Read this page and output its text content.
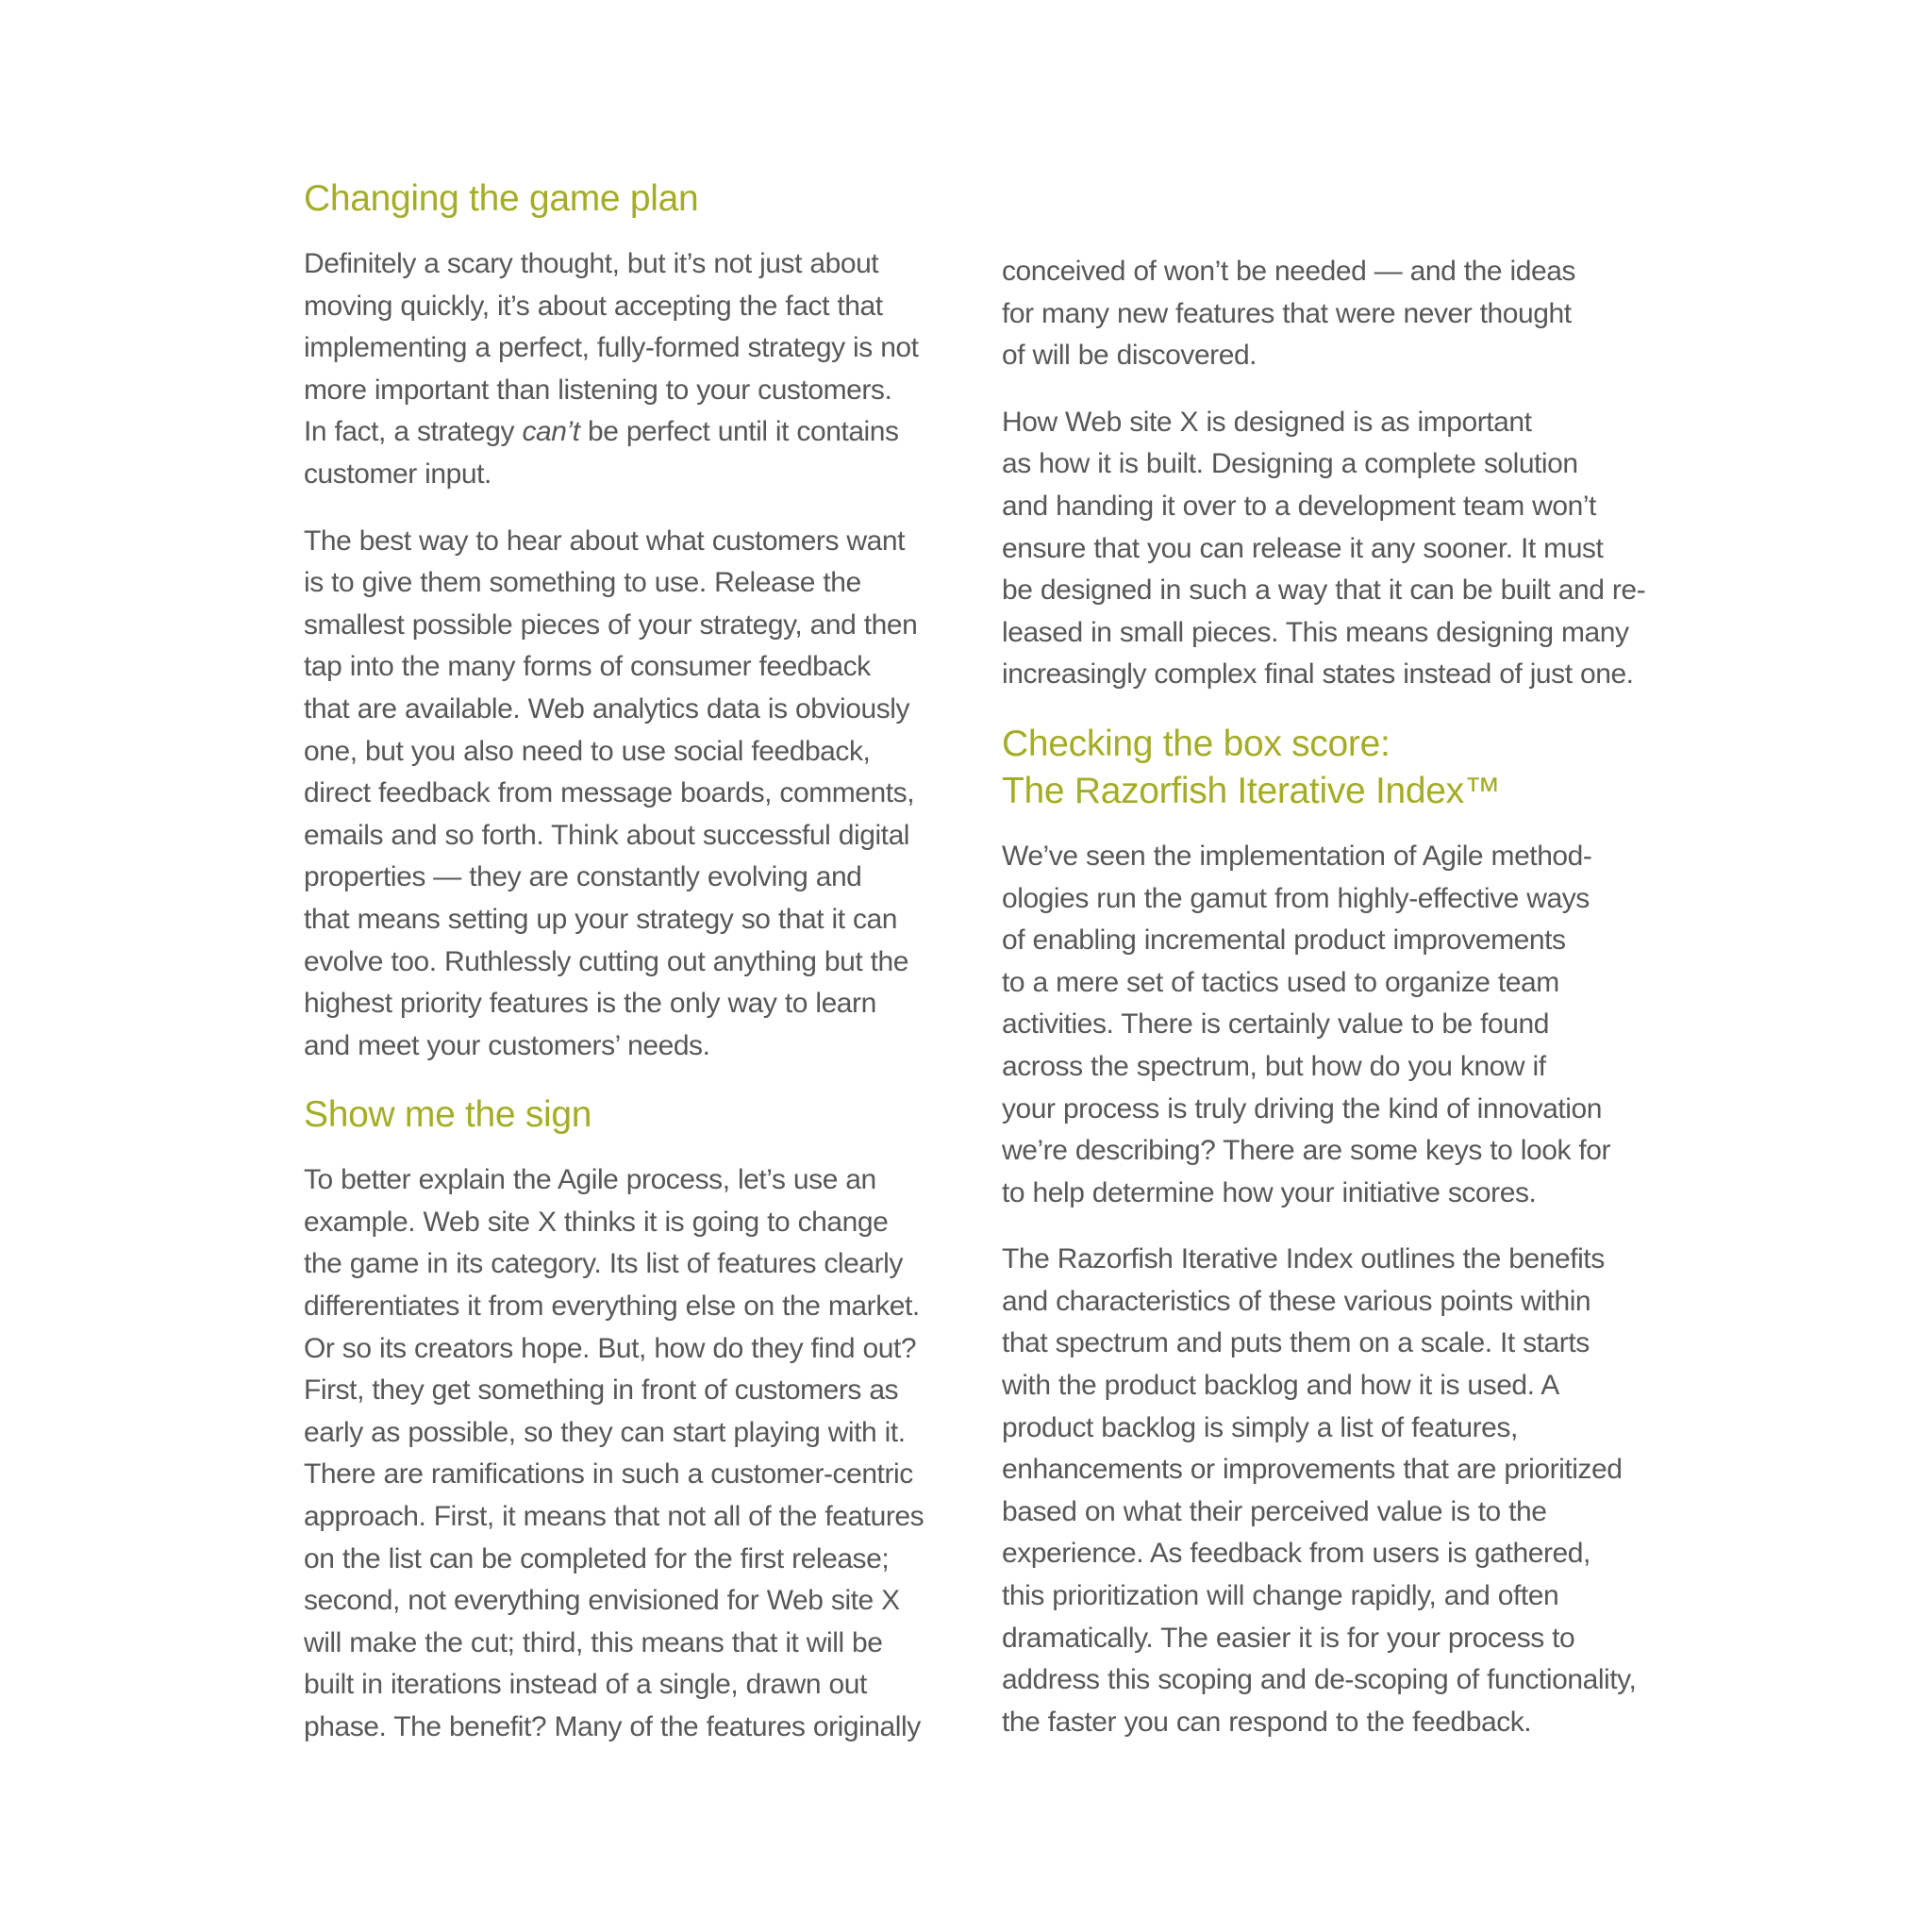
Changing the game plan

Definitely a scary thought, but it’s not just about
moving quickly, it’s about accepting the fact that
implementing a perfect, fully-formed strategy is not
more important than listening to your customers.
In fact, a strategy can’t be perfect until it contains
customer input.

The best way to hear about what customers want
is to give them something to use. Release the
smallest possible pieces of your strategy, and then
tap into the many forms of consumer feedback
that are available. Web analytics data is obviously
one, but you also need to use social feedback,
direct feedback from message boards, comments,
emails and so forth. Think about successful digital
properties — they are constantly evolving and
that means setting up your strategy so that it can
evolve too. Ruthlessly cutting out anything but the
highest priority features is the only way to learn
and meet your customers’ needs.

Show me the sign

To better explain the Agile process, let’s use an
example. Web site X thinks it is going to change
the game in its category. Its list of features clearly
differentiates it from everything else on the market.
Or so its creators hope. But, how do they find out?
First, they get something in front of customers as
early as possible, so they can start playing with it.
There are ramifications in such a customer-centric
approach. First, it means that not all of the features
on the list can be completed for the first release;
second, not everything envisioned for Web site X
will make the cut; third, this means that it will be
built in iterations instead of a single, drawn out
phase. The benefit? Many of the features originally

conceived of won’t be needed — and the ideas
for many new features that were never thought
of will be discovered.

How Web site X is designed is as important
as how it is built. Designing a complete solution
and handing it over to a development team won’t
ensure that you can release it any sooner. It must
be designed in such a way that it can be built and re-
leased in small pieces. This means designing many
increasingly complex final states instead of just one.

Checking the box score:
The Razorfish Iterative Index™

We’ve seen the implementation of Agile method-
ologies run the gamut from highly-effective ways
of enabling incremental product improvements
to a mere set of tactics used to organize team
activities. There is certainly value to be found
across the spectrum, but how do you know if
your process is truly driving the kind of innovation
we’re describing? There are some keys to look for
to help determine how your initiative scores.

The Razorfish Iterative Index outlines the benefits
and characteristics of these various points within
that spectrum and puts them on a scale. It starts
with the product backlog and how it is used. A
product backlog is simply a list of features,
enhancements or improvements that are prioritized
based on what their perceived value is to the
experience. As feedback from users is gathered,
this prioritization will change rapidly, and often
dramatically. The easier it is for your process to
address this scoping and de-scoping of functionality,
the faster you can respond to the feedback.
